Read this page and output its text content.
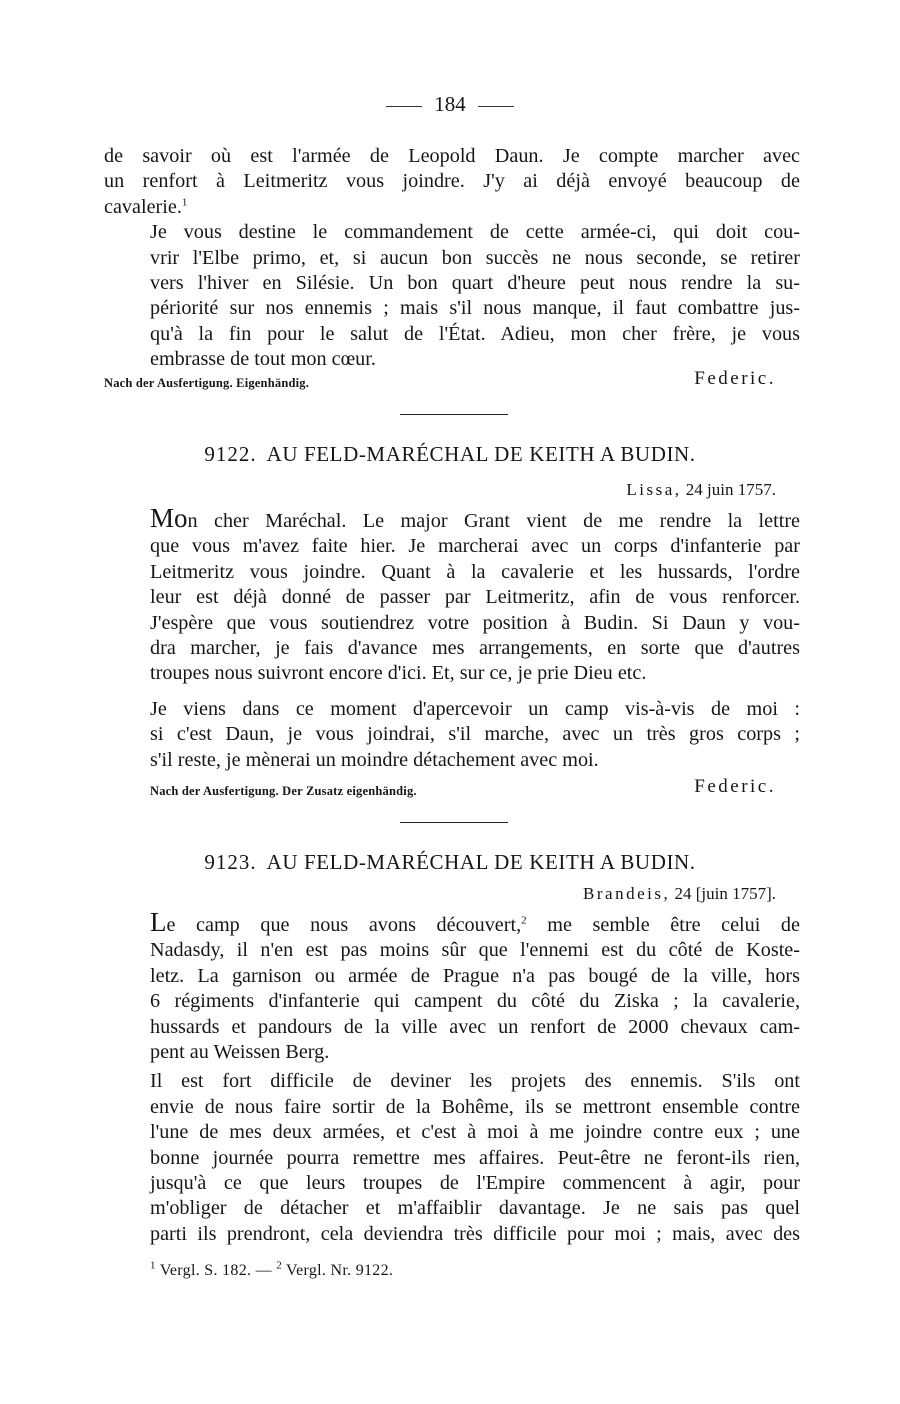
184

de savoir où est l'armée de Leopold Daun. Je compte marcher avec
un renfort à Leitmeritz vous joindre. J'y ai déjà envoyé beaucoup de
cavalerie.$^1$

Je vous destine le commandement de cette armée-ci, qui doit cou-
vrir l'Elbe primo, et, si aucun bon succès ne nous seconde, se retirer
vers l'hiver en Silésie. Un bon quart d'heure peut nous rendre la su-
périorité sur nos ennemis ; mais s'il nous manque, il faut combattre jus-
qu'à la fin pour le salut de l'État. Adieu, mon cher frère, je vous
embrasse de tout mon cœur.

Nach der Ausfertigung. Eigenhändig.	Federic.
9122. AU FELD-MARÉCHAL DE KEITH A BUDIN.
Lissa, 24 juin 1757.

Mon cher Maréchal. Le major Grant vient de me rendre la lettre
que vous m'avez faite hier. Je marcherai avec un corps d'infanterie par
Leitmeritz vous joindre. Quant à la cavalerie et les hussards, l'ordre
leur est déjà donné de passer par Leitmeritz, afin de vous renforcer.
J'espère que vous soutiendrez votre position à Budin. Si Daun y vou-
dra marcher, je fais d'avance mes arrangements, en sorte que d'autres
troupes nous suivront encore d'ici. Et, sur ce, je prie Dieu etc.

Je viens dans ce moment d'apercevoir un camp vis-à-vis de moi :
si c'est Daun, je vous joindrai, s'il marche, avec un très gros corps ;
s'il reste, je mènerai un moindre détachement avec moi.

Nach der Ausfertigung. Der Zusatz eigenhändig.	Federic.
9123. AU FELD-MARÉCHAL DE KEITH A BUDIN.
Brandeis, 24 [juin 1757].

Le camp que nous avons découvert,$^2$ me semble être celui de
Nadasdy, il n'en est pas moins sûr que l'ennemi est du côté de Koste-
letz. La garnison ou armée de Prague n'a pas bougé de la ville, hors
6 régiments d'infanterie qui campent du côté du Ziska ; la cavalerie,
hussards et pandours de la ville avec un renfort de 2000 chevaux cam-
pent au Weissen Berg.

Il est fort difficile de deviner les projets des ennemis. S'ils ont
envie de nous faire sortir de la Bohême, ils se mettront ensemble contre
l'une de mes deux armées, et c'est à moi à me joindre contre eux ; une
bonne journée pourra remettre mes affaires. Peut-être ne feront-ils rien,
jusqu'à ce que leurs troupes de l'Empire commencent à agir, pour
m'obliger de détacher et m'affaiblir davantage. Je ne sais pas quel
parti ils prendront, cela deviendra très difficile pour moi ; mais, avec des

$^1$ Vergl. S. 182. — $^2$ Vergl. Nr. 9122.
